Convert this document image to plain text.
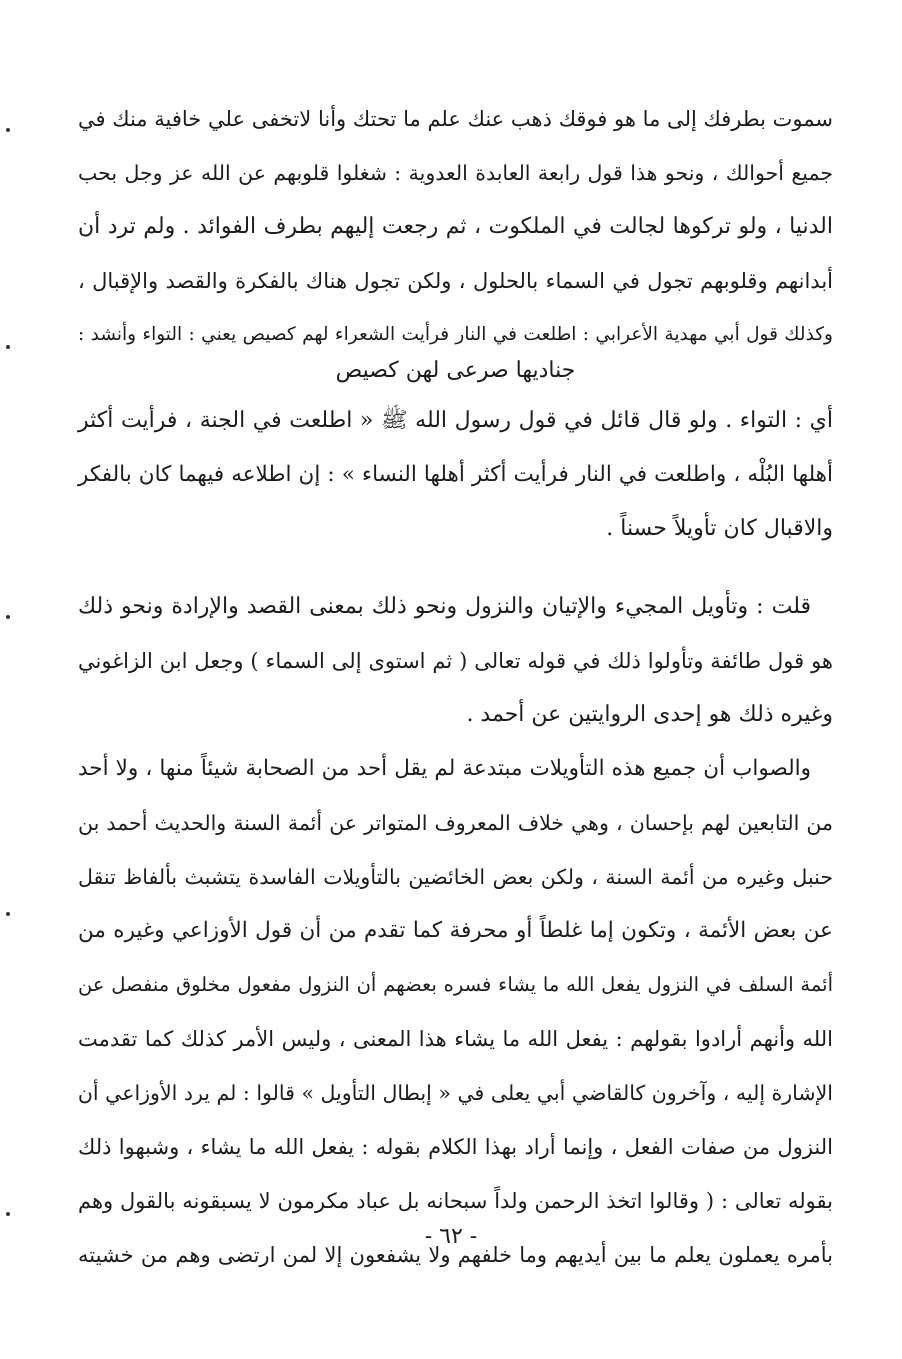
سموت بطرفك إلى ما هو فوقك ذهب عنك علم ما تحتك وأنا لاتخفى علي خافية منك في
جميع أحوالك ، ونحو هذا قول رابعة العابدة العدوية : شغلوا قلوبهم عن الله عز وجل بحب
الدنيا ، ولو تركوها لجالت في الملكوت ، ثم رجعت إليهم بطرف الفوائد . ولم ترد أن
أبدانهم وقلوبهم تجول في السماء بالحلول ، ولكن تجول هناك بالفكرة والقصد والإقبال ،
وكذلك قول أبي مهدية الأعرابي : اطلعت في النار فرأيت الشعراء لهم كصيص يعني : التواء وأنشد :
جناديها صرعى لهن كصيص
أي : التواء . ولو قال قائل في قول رسول الله ﷺ « اطلعت في الجنة ، فرأيت أكثر
أهلها البُلْه ، واطلعت في النار فرأيت أكثر أهلها النساء » : إن اطلاعه فيهما كان بالفكر
والاقبال كان تأويلاً حسناً .
قلت : وتأويل المجيء والإتيان والنزول ونحو ذلك بمعنى القصد والإرادة ونحو ذلك
هو قول طائفة وتأولوا ذلك في قوله تعالى ( ثم استوى إلى السماء ) وجعل ابن الزاغوني
وغيره ذلك هو إحدى الروايتين عن أحمد .
والصواب أن جميع هذه التأويلات مبتدعة لم يقل أحد من الصحابة شيئاً منها ، ولا أحد
من التابعين لهم بإحسان ، وهي خلاف المعروف المتواتر عن أئمة السنة والحديث أحمد بن
حنبل وغيره من أئمة السنة ، ولكن بعض الخائضين بالتأويلات الفاسدة يتشبث بألفاظ تنقل
عن بعض الأئمة ، وتكون إما غلطاً أو محرفة كما تقدم من أن قول الأوزاعي وغيره من
أئمة السلف في النزول يفعل الله ما يشاء فسره بعضهم أن النزول مفعول مخلوق منفصل عن
الله وأنهم أرادوا بقولهم : يفعل الله ما يشاء هذا المعنى ، وليس الأمر كذلك كما تقدمت
الإشارة إليه ، وآخرون كالقاضي أبي يعلى في « إبطال التأويل » قالوا : لم يرد الأوزاعي أن
النزول من صفات الفعل ، وإنما أراد بهذا الكلام بقوله : يفعل الله ما يشاء ، وشبهوا ذلك
بقوله تعالى : ( وقالوا اتخذ الرحمن ولداً سبحانه بل عباد مكرمون لا يسبقونه بالقول وهم
بأمره يعملون يعلم ما بين أيديهم وما خلفهم ولا يشفعون إلا لمن ارتضى وهم من خشيته
- ٦٢ -
